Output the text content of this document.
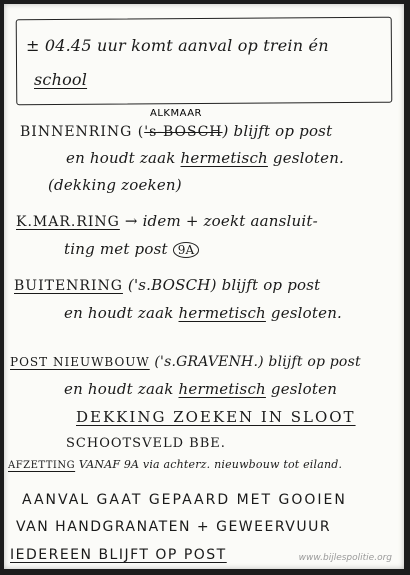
± 04.45 uur komt aanval op trein én
school
ALKMAAR
BINNENRING ('s-BOSCH) blijft op post
en houdt zaak hermetisch gesloten.
(dekking zoeken)
K.MAR.RING → idem + zoekt aansluit-
ting met post 9A
BUITENRING ('s.BOSCH) blijft op post
en houdt zaak hermetisch gesloten.
POST NIEUWBOUW ('s.GRAVENH.) blijft op post
en houdt zaak hermetisch gesloten
DEKKING ZOEKEN IN SLOOT
SCHOOTSVELD BBE.
AFZETTING VANAF 9A via achterz. nieuwbouw tot eiland.
AANVAL GAAT GEPAARD MET GOOIEN
VAN HANDGRANATEN + GEWEERVUUR
IEDEREEN BLIJFT OP POST	www.bijlespolitie.org
